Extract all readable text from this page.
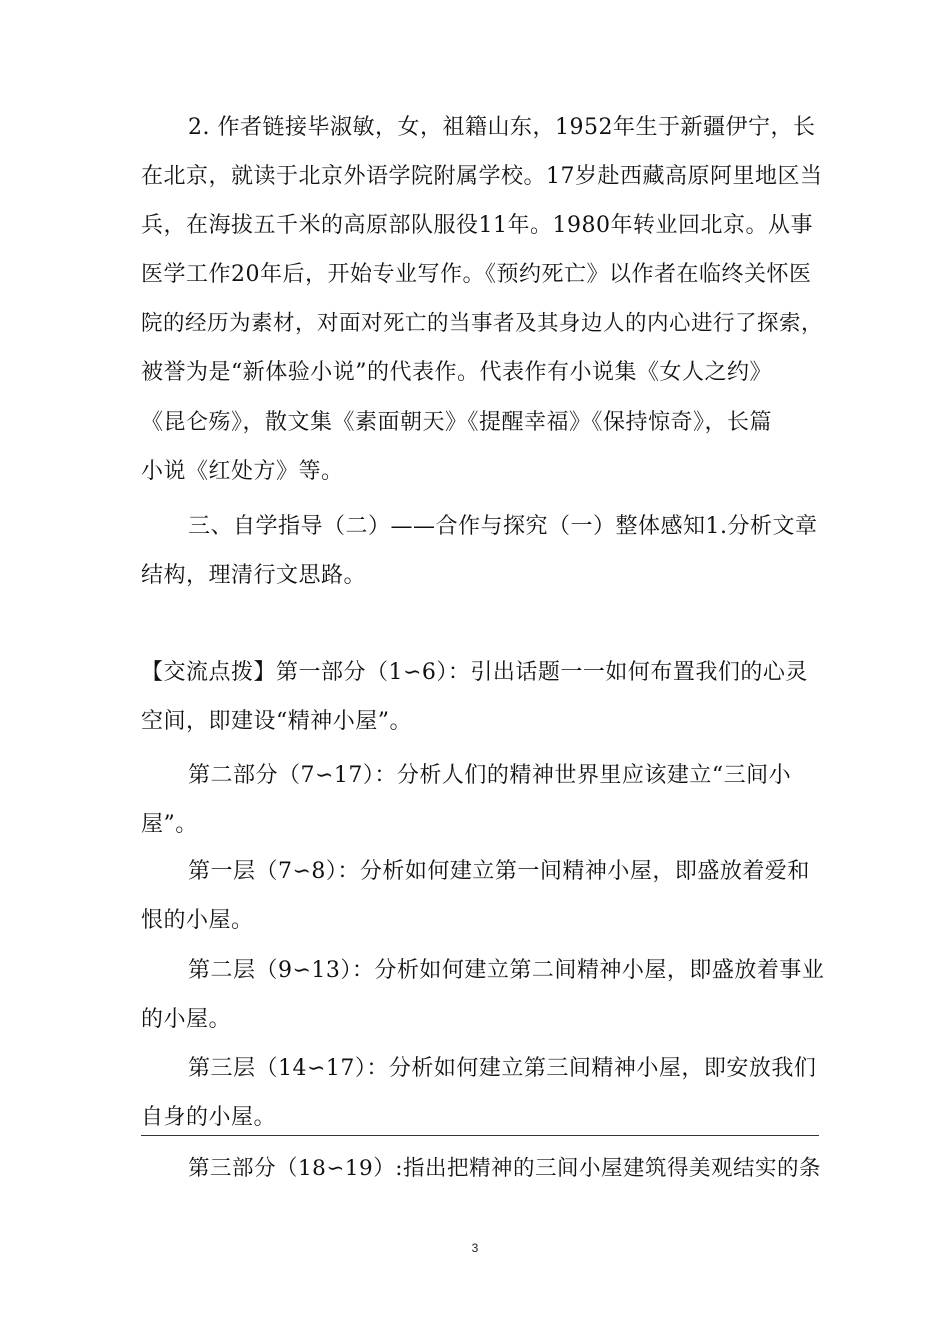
2. 作者链接毕淑敏，女，祖籍山东，1952年生于新疆伊宁，长
在北京，就读于北京外语学院附属学校。17岁赴西藏高原阿里地区当
兵，在海拔五千米的高原部队服役11年。1980年转业回北京。从事
医学工作20年后，开始专业写作。《预约死亡》以作者在临终关怀医
院的经历为素材，对面对死亡的当事者及其身边人的内心进行了探索，
被誉为是“新体验小说”的代表作。代表作有小说集《女人之约》
《昆仑殇》，散文集《素面朝天》《提醒幸福》《保持惊奇》，长篇
小说《红处方》等。
三、自学指导（二）——合作与探究（一）整体感知1.分析文章
结构，理清行文思路。
【交流点拨】第一部分（1∽6）：引出话题一一如何布置我们的心灵
空间，即建设“精神小屋”。
第二部分（7∽17）：分析人们的精神世界里应该建立“三间小
屋”。
第一层（7∽8）：分析如何建立第一间精神小屋，即盛放着爱和
恨的小屋。
第二层（9∽13）：分析如何建立第二间精神小屋，即盛放着事业
的小屋。
第三层（14∽17）：分析如何建立第三间精神小屋，即安放我们
自身的小屋。
第三部分（18∽19）:指出把精神的三间小屋建筑得美观结实的条
3
